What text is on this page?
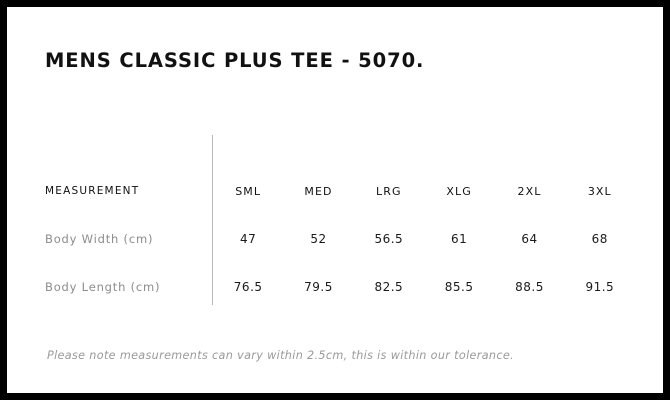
MENS CLASSIC PLUS TEE - 5070.
MEASUREMENT	SML	MED	LRG	XLG	2XL	3XL
Body Width (cm)	47	52	56.5	61	64	68
Body Length (cm)	76.5	79.5	82.5	85.5	88.5	91.5
Please note measurements can vary within 2.5cm, this is within our tolerance.
